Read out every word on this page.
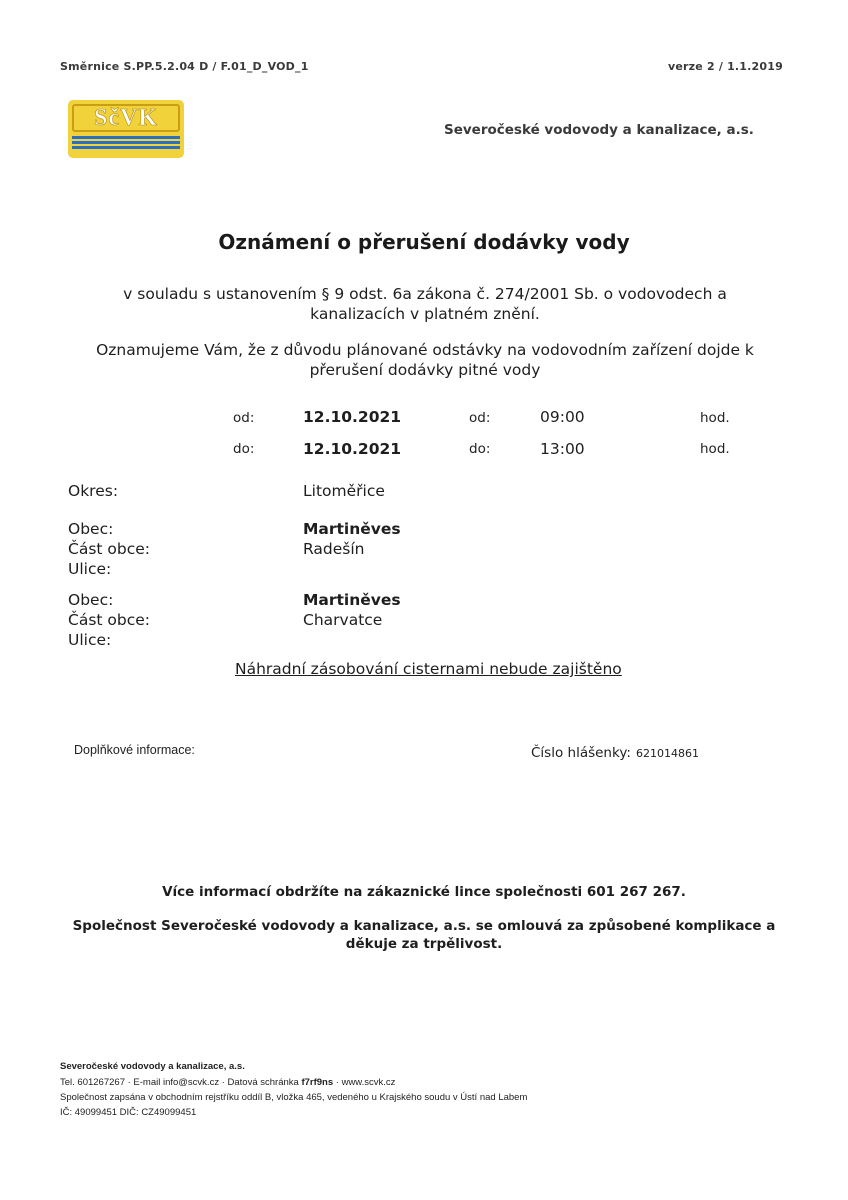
Směrnice S.PP.5.2.04 D / F.01_D_VOD_1	verze 2 / 1.1.2019
SčVK	Severočeské vodovody a kanalizace, a.s.
Oznámení o přerušení dodávky vody
v souladu s ustanovením § 9 odst. 6a zákona č. 274/2001 Sb. o vodovodech a kanalizacích v platném znění.
Oznamujeme Vám, že z důvodu plánované odstávky na vodovodním zařízení dojde k přerušení dodávky pitné vody
od:	12.10.2021	od:	09:00	hod.
do:	12.10.2021	do:	13:00	hod.
Okres:	Litoměřice
Obec:	Martiněves
Část obce:	Radešín
Ulice:
Obec:	Martiněves
Část obce:	Charvatce
Ulice:
Náhradní zásobování cisternami nebude zajištěno
Doplňkové informace:	Číslo hlášenky: 621014861
Více informací obdržíte na zákaznické lince společnosti 601 267 267.
Společnost Severočeské vodovody a kanalizace, a.s. se omlouvá za způsobené komplikace a děkuje za trpělivost.
Severočeské vodovody a kanalizace, a.s.
Tel. 601267267 · E-mail info@scvk.cz · Datová schránka f7rf9ns · www.scvk.cz
Společnost zapsána v obchodním rejstříku oddíl B, vložka 465, vedeného u Krajského soudu v Ústí nad Labem
IČ: 49099451 DIČ: CZ49099451
